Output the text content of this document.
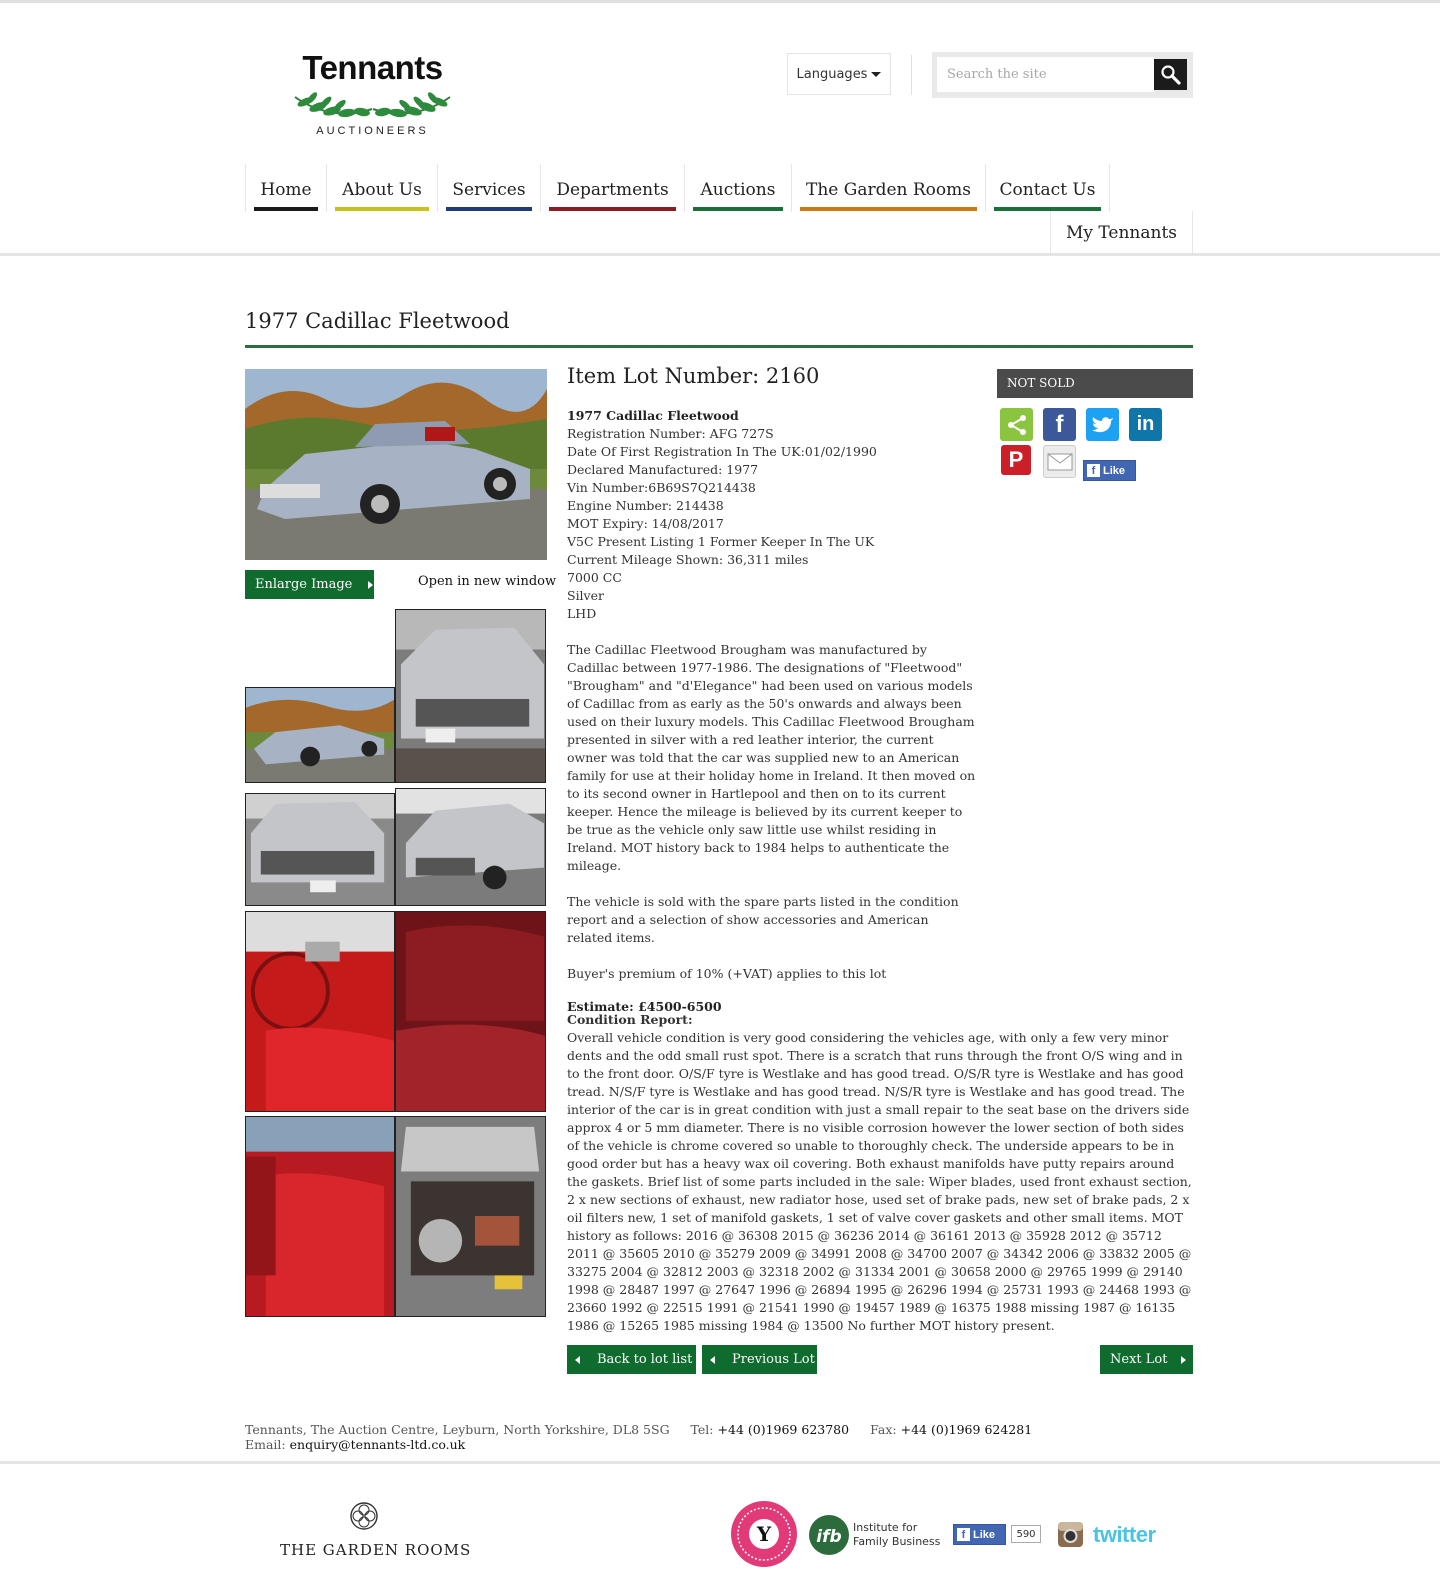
Tennants
AUCTIONEERS
Languages
Search the site
Home	About Us	Services	Departments	Auctions	The Garden Rooms	Contact Us
My Tennants
1977 Cadillac Fleetwood
Enlarge Image	Open in new window
Item Lot Number: 2160

1977 Cadillac Fleetwood

Registration Number: AFG 727S

Date Of First Registration In The UK:01/02/1990

Declared Manufactured: 1977

Vin Number:6B69S7Q214438

Engine Number: 214438

MOT Expiry: 14/08/2017

V5C Present Listing 1 Former Keeper In The UK

Current Mileage Shown: 36,311 miles

7000 CC

Silver

LHD

The Cadillac Fleetwood Brougham was manufactured by Cadillac between 1977-1986. The designations of "Fleetwood" "Brougham" and "d'Elegance" had been used on various models of Cadillac from as early as the 50's onwards and always been used on their luxury models. This Cadillac Fleetwood Brougham presented in silver with a red leather interior, the current owner was told that the car was supplied new to an American family for use at their holiday home in Ireland. It then moved on to its second owner in Hartlepool and then on to its current keeper. Hence the mileage is believed by its current keeper to be true as the vehicle only saw little use whilst residing in Ireland. MOT history back to 1984 helps to authenticate the mileage.

The vehicle is sold with the spare parts listed in the condition report and a selection of show accessories and American related items.

Buyer's premium of 10% (+VAT) applies to this lot

Estimate: £4500-6500

Condition Report:

Overall vehicle condition is very good considering the vehicles age, with only a few very minor dents and the odd small rust spot. There is a scratch that runs through the front O/S wing and in to the front door. O/S/F tyre is Westlake and has good tread. O/S/R tyre is Westlake and has good tread. N/S/F tyre is Westlake and has good tread. N/S/R tyre is Westlake and has good tread. The interior of the car is in great condition with just a small repair to the seat base on the drivers side approx 4 or 5 mm diameter. There is no visible corrosion however the lower section of both sides of the vehicle is chrome covered so unable to thoroughly check. The underside appears to be in good order but has a heavy wax oil covering. Both exhaust manifolds have putty repairs around the gaskets. Brief list of some parts included in the sale: Wiper blades, used front exhaust section, 2 x new sections of exhaust, new radiator hose, used set of brake pads, new set of brake pads, 2 x oil filters new, 1 set of manifold gaskets, 1 set of valve cover gaskets and other small items. MOT history as follows: 2016 @ 36308 2015 @ 36236 2014 @ 36161 2013 @ 35928 2012 @ 35712 2011 @ 35605 2010 @ 35279 2009 @ 34991 2008 @ 34700 2007 @ 34342 2006 @ 33832 2005 @ 33275 2004 @ 32812 2003 @ 32318 2002 @ 31334 2001 @ 30658 2000 @ 29765 1999 @ 29140 1998 @ 28487 1997 @ 27647 1996 @ 26894 1995 @ 26296 1994 @ 25731 1993 @ 24468 1993 @ 23660 1992 @ 22515 1991 @ 21541 1990 @ 19457 1989 @ 16375 1988 missing 1987 @ 16135 1986 @ 15265 1985 missing 1984 @ 13500 No further MOT history present.

NOT SOLD
f	in
P	f Like
Back to lot list	Previous Lot	Next Lot
Tennants, The Auction Centre, Leyburn, North Yorkshire, DL8 5SG Tel: +44 (0)1969 623780 Fax: +44 (0)1969 624281
Email: enquiry@tennants-ltd.co.uk
THE GARDEN ROOMS
Y	ifb Institute for
Family Business	f Like	590	twitter
